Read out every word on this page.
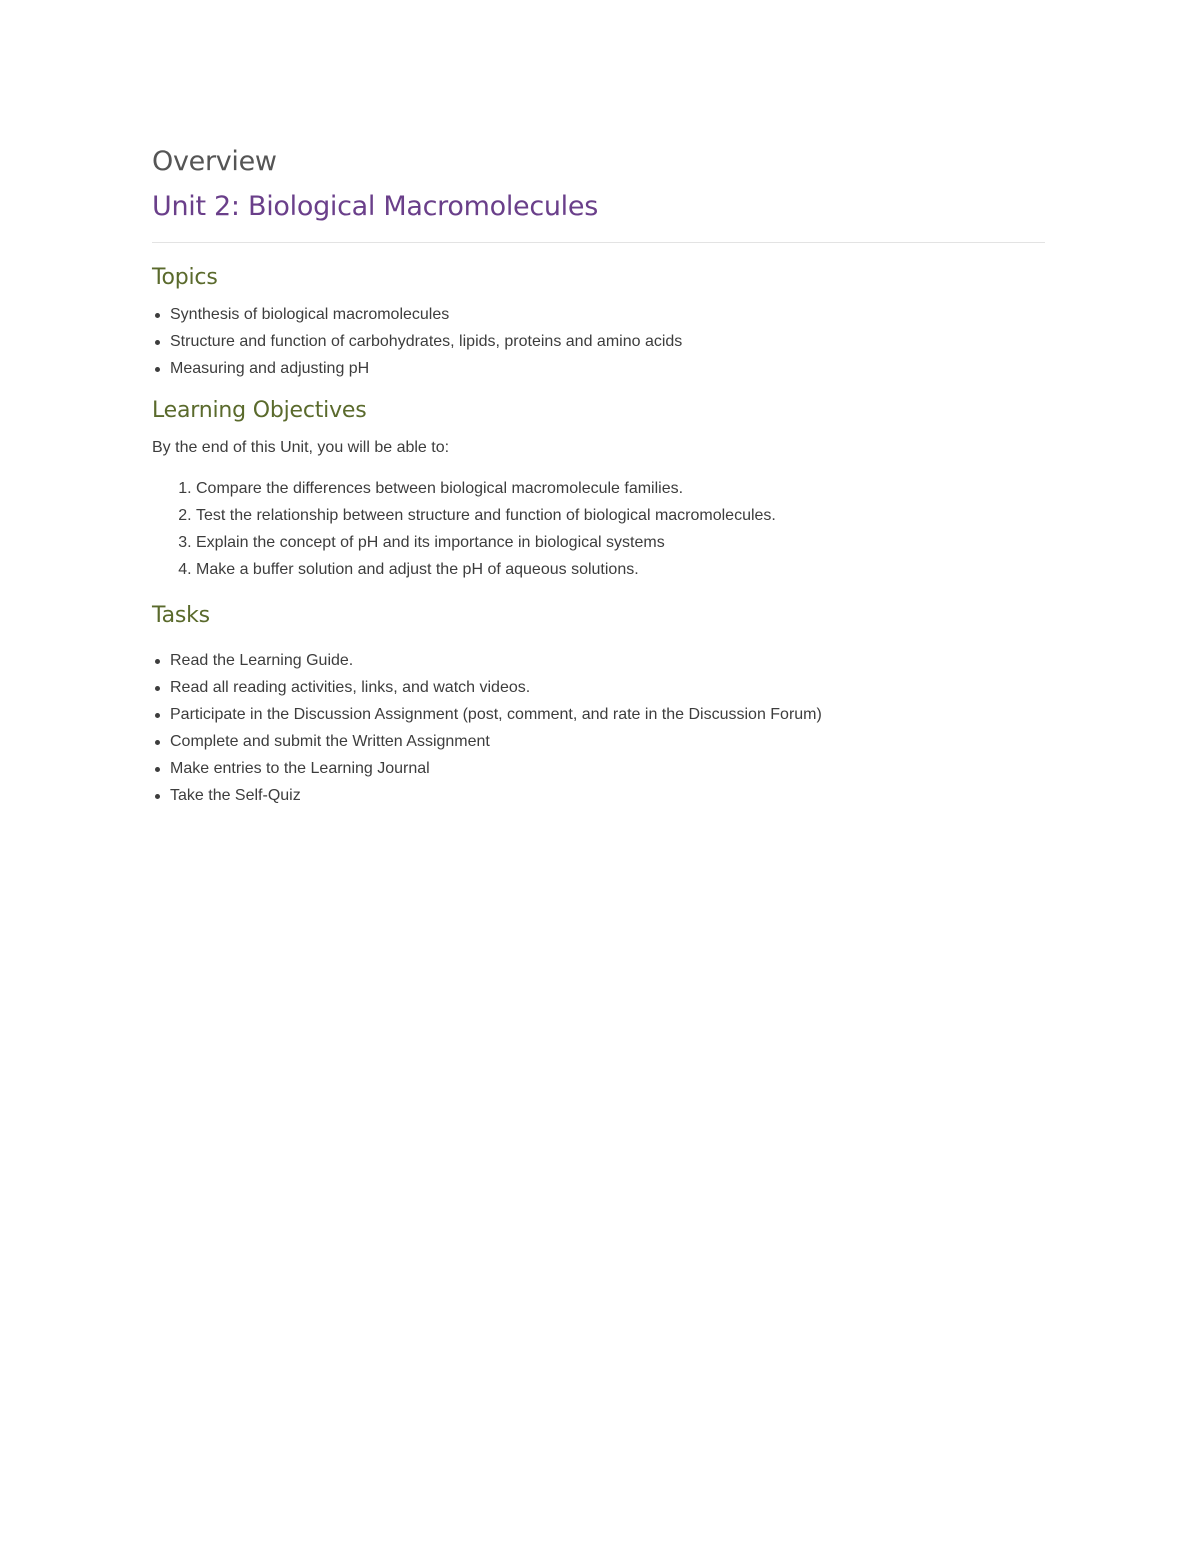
Overview
Unit 2: Biological Macromolecules
Topics
Synthesis of biological macromolecules
Structure and function of carbohydrates, lipids, proteins and amino acids
Measuring and adjusting pH
Learning Objectives

By the end of this Unit, you will be able to:

1. Compare the differences between biological macromolecule families.
2. Test the relationship between structure and function of biological macromolecules.
3. Explain the concept of pH and its importance in biological systems
4. Make a buffer solution and adjust the pH of aqueous solutions.
Tasks
Read the Learning Guide.
Read all reading activities, links, and watch videos.
Participate in the Discussion Assignment (post, comment, and rate in the Discussion Forum)
Complete and submit the Written Assignment
Make entries to the Learning Journal
Take the Self-Quiz
